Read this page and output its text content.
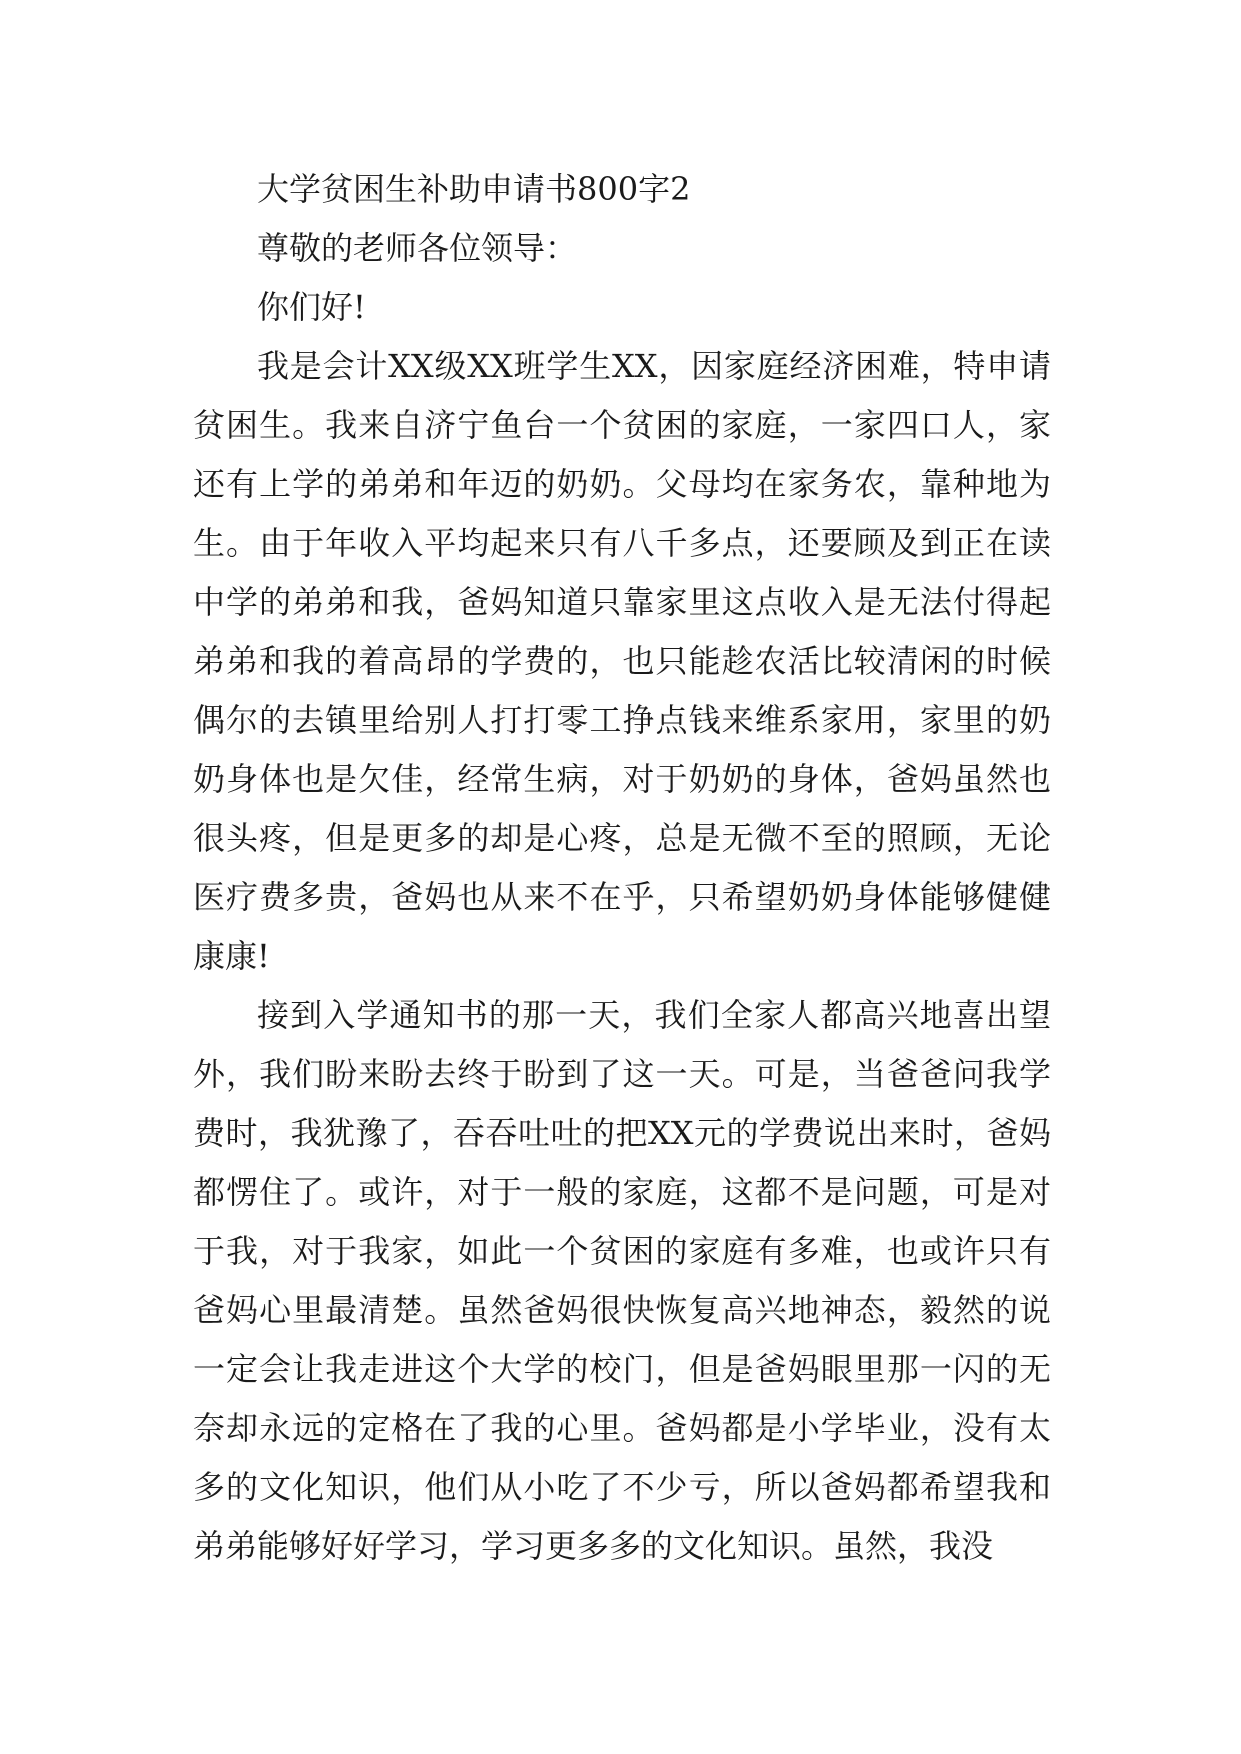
大学贫困生补助申请书800字2

尊敬的老师各位领导：

你们好!

我是会计XX级XX班学生XX，因家庭经济困难，特申请贫困生。我来自济宁鱼台一个贫困的家庭，一家四口人，家还有上学的弟弟和年迈的奶奶。父母均在家务农，靠种地为生。由于年收入平均起来只有八千多点，还要顾及到正在读中学的弟弟和我，爸妈知道只靠家里这点收入是无法付得起弟弟和我的着高昂的学费的，也只能趁农活比较清闲的时候偶尔的去镇里给别人打打零工挣点钱来维系家用，家里的奶奶身体也是欠佳，经常生病，对于奶奶的身体，爸妈虽然也很头疼，但是更多的却是心疼，总是无微不至的照顾，无论医疗费多贵，爸妈也从来不在乎，只希望奶奶身体能够健健康康!

接到入学通知书的那一天，我们全家人都高兴地喜出望外，我们盼来盼去终于盼到了这一天。可是，当爸爸问我学费时，我犹豫了，吞吞吐吐的把XX元的学费说出来时，爸妈都愣住了。或许，对于一般的家庭，这都不是问题，可是对于我，对于我家，如此一个贫困的家庭有多难，也或许只有爸妈心里最清楚。虽然爸妈很快恢复高兴地神态，毅然的说一定会让我走进这个大学的校门，但是爸妈眼里那一闪的无奈却永远的定格在了我的心里。爸妈都是小学毕业，没有太多的文化知识，他们从小吃了不少亏，所以爸妈都希望我和弟弟能够好好学习，学习更多多的文化知识。虽然，我没
